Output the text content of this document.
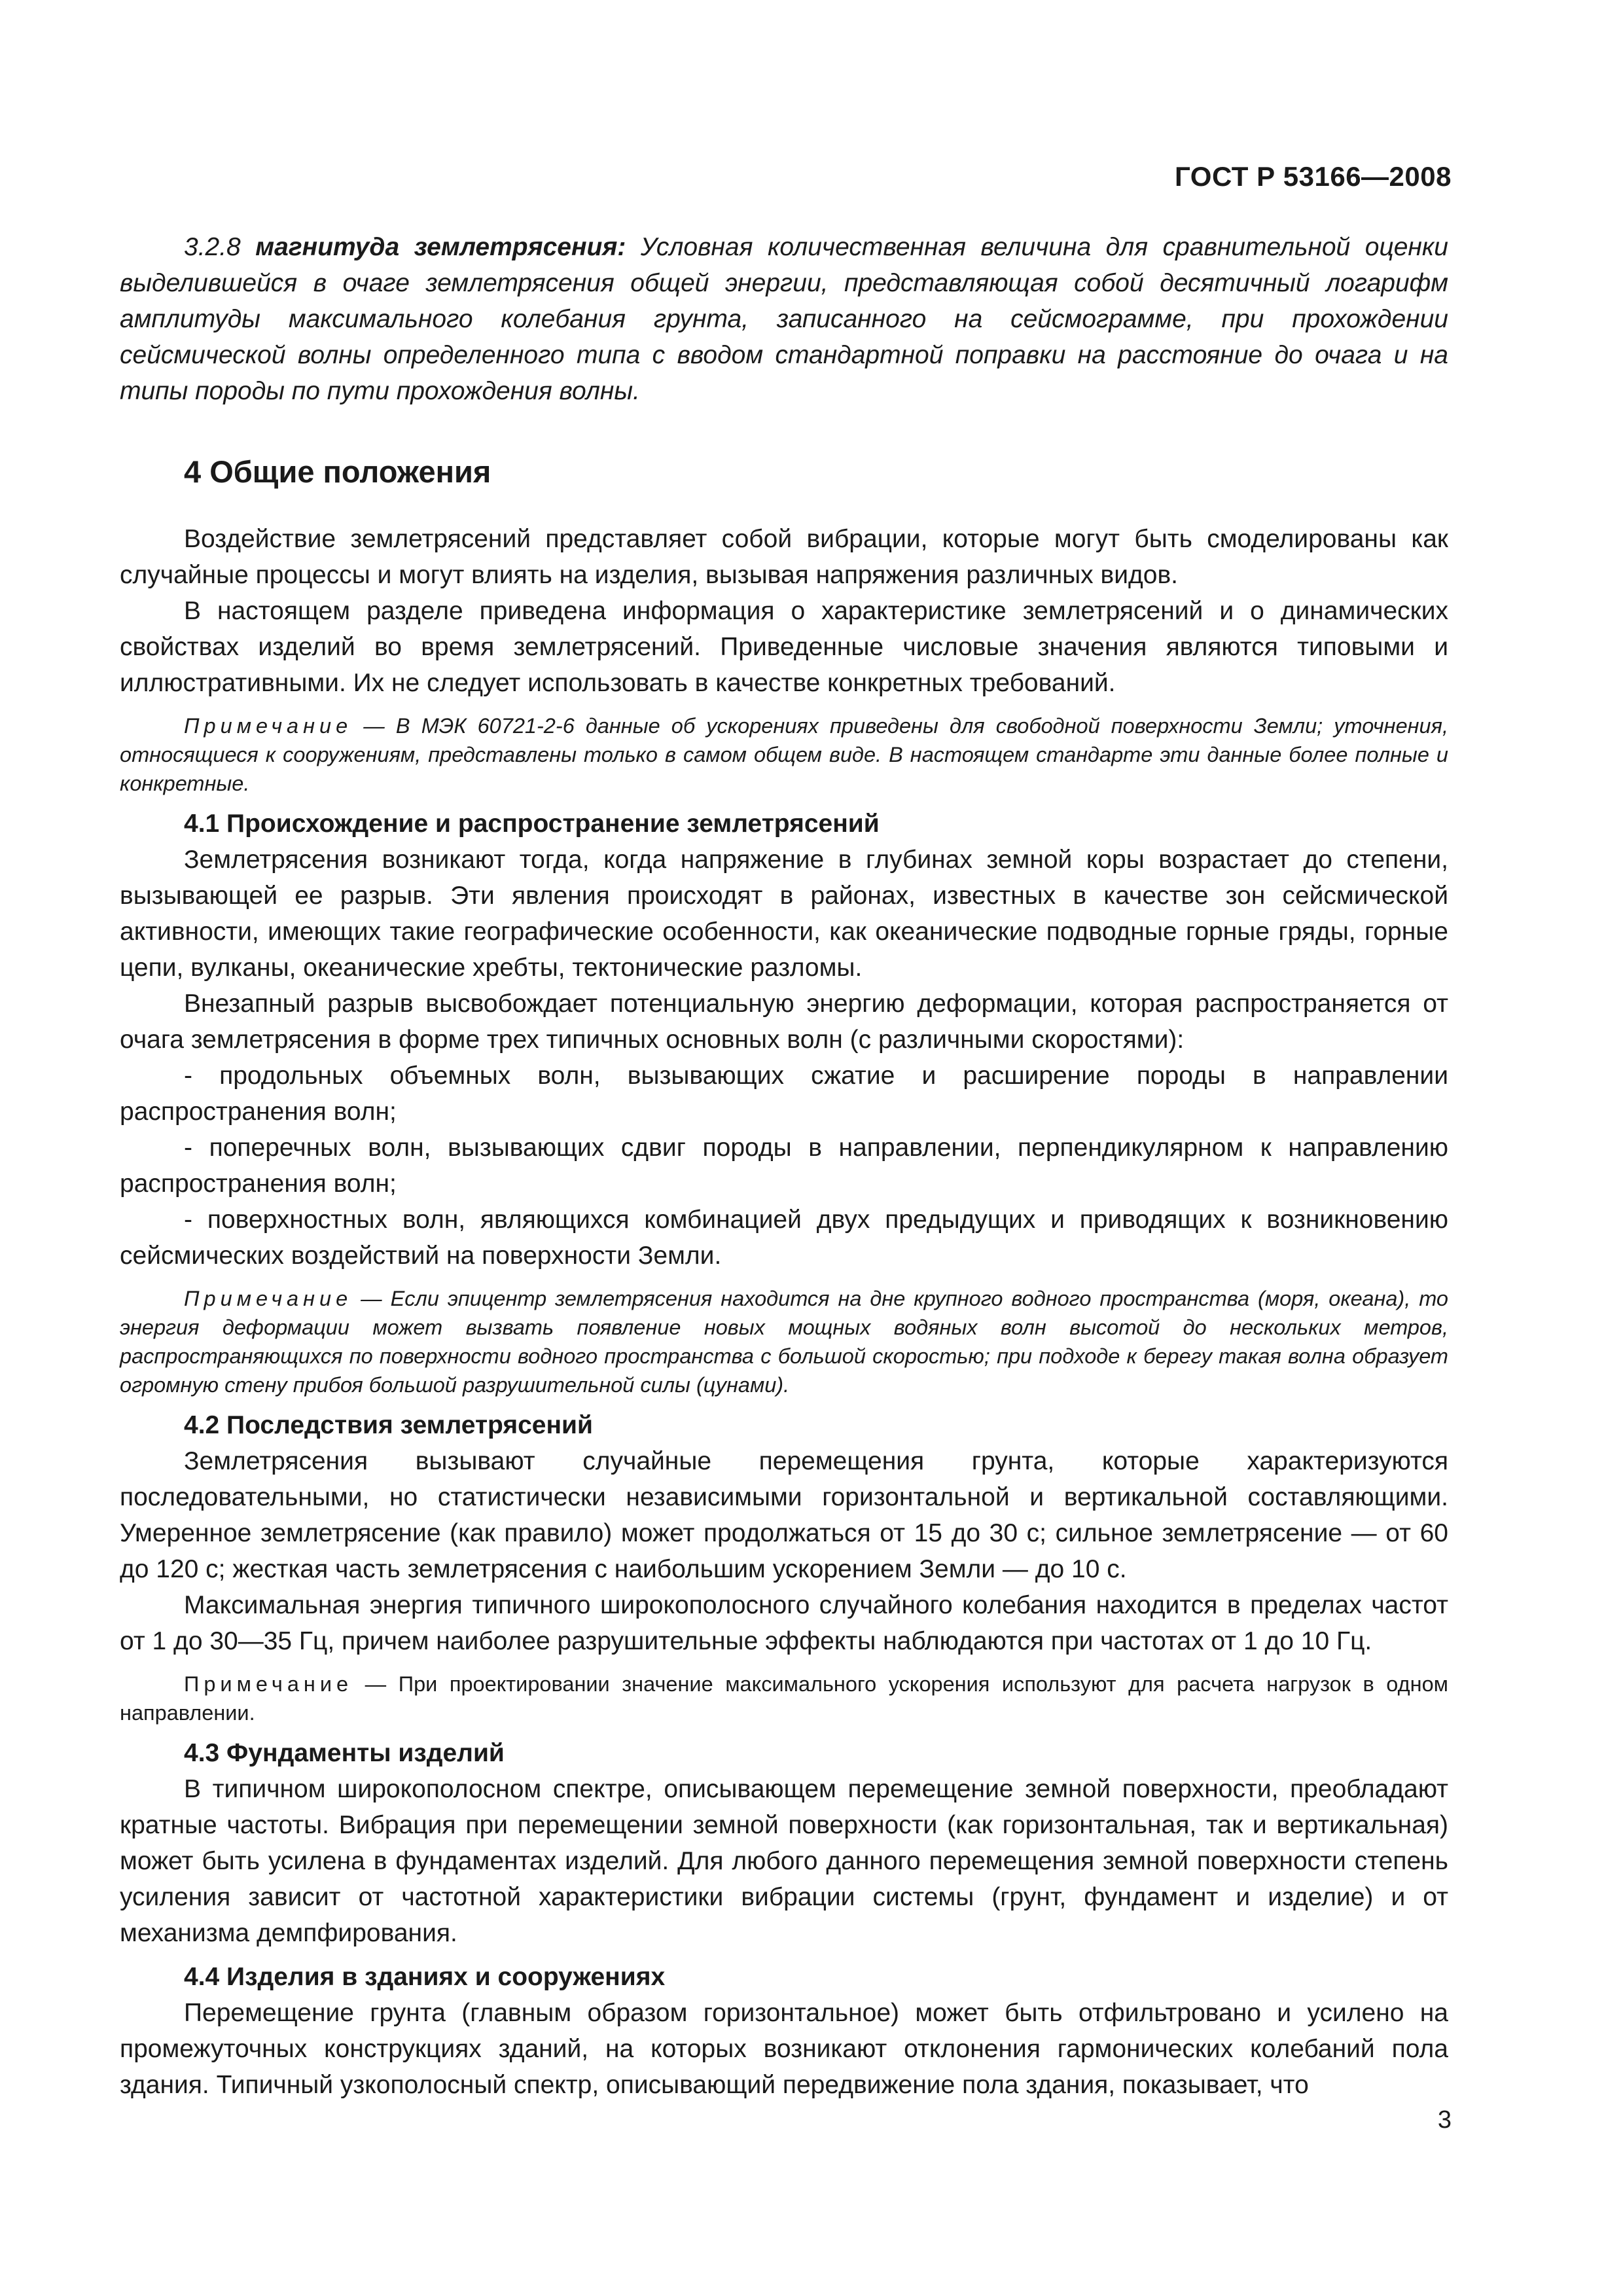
ГОСТ Р 53166—2008

3.2.8 магнитуда землетрясения: Условная количественная величина для сравнительной оценки выделившейся в очаге землетрясения общей энергии, представляющая собой десятичный логарифм амплитуды максимального колебания грунта, записанного на сейсмограмме, при прохождении сейсмической волны определенного типа с вводом стандартной поправки на расстояние до очага и на типы породы по пути прохождения волны.

4 Общие положения

Воздействие землетрясений представляет собой вибрации, которые могут быть смоделированы как случайные процессы и могут влиять на изделия, вызывая напряжения различных видов.

В настоящем разделе приведена информация о характеристике землетрясений и о динамических свойствах изделий во время землетрясений. Приведенные числовые значения являются типовыми и иллюстративными. Их не следует использовать в качестве конкретных требований.

Примечание — В МЭК 60721-2-6 данные об ускорениях приведены для свободной поверхности Земли; уточнения, относящиеся к сооружениям, представлены только в самом общем виде. В настоящем стандарте эти данные более полные и конкретные.

4.1 Происхождение и распространение землетрясений

Землетрясения возникают тогда, когда напряжение в глубинах земной коры возрастает до степени, вызывающей ее разрыв. Эти явления происходят в районах, известных в качестве зон сейсмической активности, имеющих такие географические особенности, как океанические подводные горные гряды, горные цепи, вулканы, океанические хребты, тектонические разломы.

Внезапный разрыв высвобождает потенциальную энергию деформации, которая распространяется от очага землетрясения в форме трех типичных основных волн (с различными скоростями):

- продольных объемных волн, вызывающих сжатие и расширение породы в направлении распространения волн;

- поперечных волн, вызывающих сдвиг породы в направлении, перпендикулярном к направлению распространения волн;

- поверхностных волн, являющихся комбинацией двух предыдущих и приводящих к возникновению сейсмических воздействий на поверхности Земли.

Примечание — Если эпицентр землетрясения находится на дне крупного водного пространства (моря, океана), то энергия деформации может вызвать появление новых мощных водяных волн высотой до нескольких метров, распространяющихся по поверхности водного пространства с большой скоростью; при подходе к берегу такая волна образует огромную стену прибоя большой разрушительной силы (цунами).

4.2 Последствия землетрясений

Землетрясения вызывают случайные перемещения грунта, которые характеризуются последовательными, но статистически независимыми горизонтальной и вертикальной составляющими. Умеренное землетрясение (как правило) может продолжаться от 15 до 30 с; сильное землетрясение — от 60 до 120 с; жесткая часть землетрясения с наибольшим ускорением Земли — до 10 с.

Максимальная энергия типичного широкополосного случайного колебания находится в пределах частот от 1 до 30—35 Гц, причем наиболее разрушительные эффекты наблюдаются при частотах от 1 до 10 Гц.

Примечание — При проектировании значение максимального ускорения используют для расчета нагрузок в одном направлении.

4.3 Фундаменты изделий

В типичном широкополосном спектре, описывающем перемещение земной поверхности, преобладают кратные частоты. Вибрация при перемещении земной поверхности (как горизонтальная, так и вертикальная) может быть усилена в фундаментах изделий. Для любого данного перемещения земной поверхности степень усиления зависит от частотной характеристики вибрации системы (грунт, фундамент и изделие) и от механизма демпфирования.

4.4 Изделия в зданиях и сооружениях

Перемещение грунта (главным образом горизонтальное) может быть отфильтровано и усилено на промежуточных конструкциях зданий, на которых возникают отклонения гармонических колебаний пола здания. Типичный узкополосный спектр, описывающий передвижение пола здания, показывает, что

3
